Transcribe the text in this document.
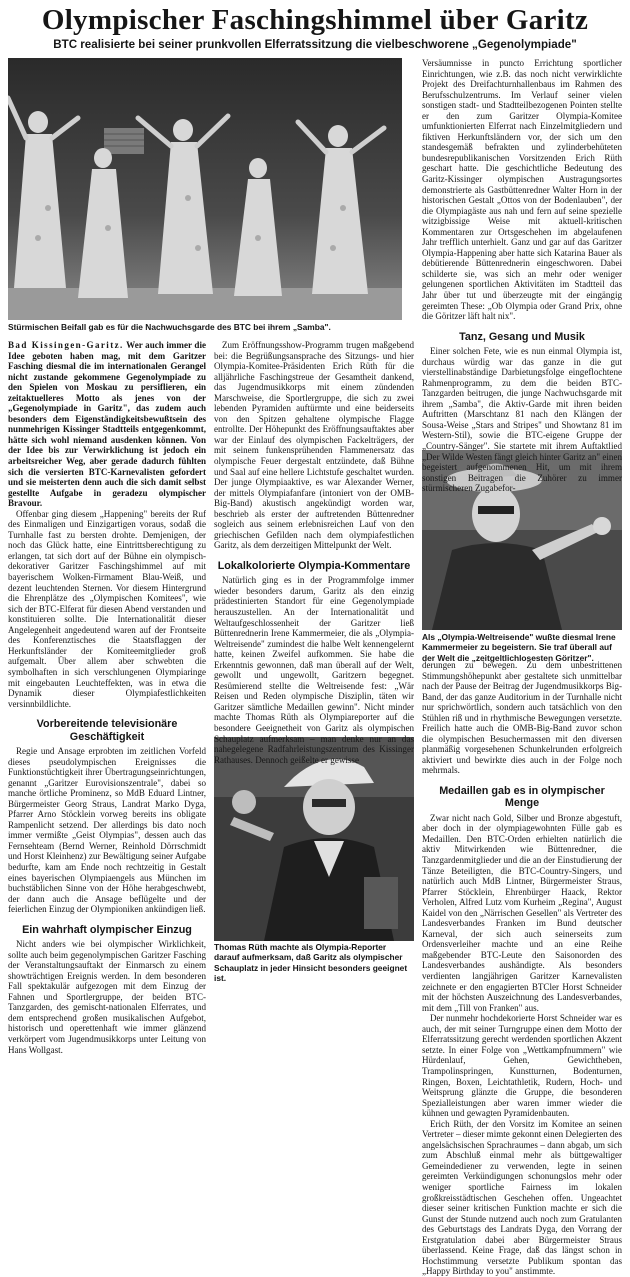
Olympischer Faschingshimmel über Garitz
BTC realisierte bei seiner prunkvollen Elferratssitzung die vielbeschworene „Gegenolympiade"

Stürmischen Beifall gab es für die Nachwuchsgarde des BTC bei ihrem „Samba".

Thomas Rüth machte als Olympia-Reporter darauf aufmerksam, daß Garitz als olympischer Schauplatz in jeder Hinsicht besonders geeignet ist.

Als „Olympia-Weltreisende" wußte diesmal Irene Kammermeier zu begeistern. Sie traf überall auf der Welt die „zeitgeltlichlosesten Göritzer".

Bad Kissingen-Garitz. Wer auch immer die Idee geboten haben mag, mit dem Garitzer Fasching diesmal die im internationalen Gerangel nicht zustande gekommene Gegenolympiade zu den Spielen von Moskau zu persiflieren, ein zeitaktuelleres Motto als jenes von der „Gegenolympiade in Garitz", das zudem auch besonders dem Eigenständigkeitsbewußtsein des nunmehrigen Kissinger Stadtteils entgegenkommt, hätte sich wohl niemand ausdenken können. Von der Idee bis zur Verwirklichung ist jedoch ein arbeitsreicher Weg, aber gerade dadurch fühlten sich die versierten BTC-Karnevalisten gefordert und sie meisterten denn auch die sich damit selbst gestellte Aufgabe in geradezu olympischer Bravour.

Offenbar ging diesem „Happening" bereits der Ruf des Einmaligen und Einzigartigen voraus, sodaß die Turnhalle fast zu bersten drohte. Demjenigen, der noch das Glück hatte, eine Eintrittsberechtigung zu erlangen, tat sich dort auf der Bühne ein olympisch-dekorativer Garitzer Faschingshimmel auf mit bayerischem Wolken-Firmament Blau-Weiß, und dezent leuchtenden Sternen. Vor diesem Hintergrund die Ehrenplätze des „Olympischen Komitees", wie sich der BTC-Elferat für diesen Abend verstanden und konstituieren sollte. Die Internationalität dieser Angelegenheit angedeutend waren auf der Frontseite des Konferenztisches die Staatsflaggen der Herkunftsländer der Komiteemitglieder groß aufgemalt. Über allem aber schwebten die symbolhaften in sich verschlungenen Olympiaringe mit eingebauten Leuchteffekten, was in etwa die Dynamik dieser Olympiafestlichkeiten versinnbildlichte.

Vorbereitende televisionäre Geschäftigkeit

Regie und Ansage erprobten im zeitlichen Vorfeld dieses pseudolympischen Ereignisses die Funktionstüchtigkeit ihrer Übertragungseinrichtungen, genannt „Garitzer Eurovisionszentrale", dabei so manche örtliche Prominenz, so MdB Eduard Lintner, Bürgermeister Georg Straus, Landrat Marko Dyga, Pfarrer Arno Stöcklein vorweg bereits ins obligate Rampenlicht setzend. Der allerdings bis dato noch immer vermißte „Geist Olympias", dessen auch das Fernsehteam (Bernd Werner, Reinhold Dörrschmidt und Horst Kleinhenz) zur Bewältigung seiner Aufgabe bedurfte, kam am Ende noch rechtzeitig in Gestalt eines bayerischen Olympiaengels aus München im buchstäblichen Sinne von der Höhe herabgeschwebt, der dann auch die Ansage beflügelte und der feierlichen Einzug der Olympioniken ankündigen ließ.

Ein wahrhaft olympischer Einzug

Nicht anders wie bei olympischer Wirklichkeit, sollte auch beim gegenolympischen Garitzer Fasching der Veranstaltungsauftakt der Einmarsch zu einem showträchtigen Ereignis werden. In dem besonderen Fall spektakulär aufgezogen mit dem Einzug der Fahnen und Sportlergruppe, der beiden BTC-Tanzgarden, des gemischt-nationalen Elferrates, und dem entsprechend großen musikalischen Aufgebot, historisch und operettenhaft wie immer glänzend verkörpert vom Jugendmusikkorps unter Leitung von Hans Wollgast.

Zum Eröffnungsshow-Programm trugen maßgebend bei: die Begrüßungsansprache des Sitzungs- und hier Olympia-Komitee-Präsidenten Erich Rüth für die alljährliche Faschingstreue der Gesamtheit dankend, das Jugendmusikkorps mit einem zündenden Marschweise, die Sportlergruppe, die sich zu zwei lebenden Pyramiden auftürmte und eine beiderseits von den Spitzen gehaltene olympische Flagge entrollte. Der Höhepunkt des Eröffnungsauftaktes aber war der Einlauf des olympischen Fackelträgers, der mit seinem funkensprühenden Flammenersatz das olympische Feuer dergestalt entzündete, daß Bühne und Saal auf eine hellere Lichtstufe geschaltet wurden. Der junge Olympiaaktive, es war Alexander Werner, der mittels Olympiafanfare (intoniert von der OMB-Big-Band) akustisch angekündigt worden war, beschrieb als erster der auftretenden Büttenredner sogleich aus seinem erlebnisreichen Lauf von den griechischen Gefilden nach dem olympiafestlichen Garitz, als dem derzeitigen Mittelpunkt der Welt.

Lokalkolorierte Olympia-Kommentare

Natürlich ging es in der Programmfolge immer wieder besonders darum, Garitz als den einzig prädestinierten Standort für eine Gegenolympiade herauszustellen. An der Internationalität und Weltaufgeschlossenheit der Garitzer ließ Büttenrednerin Irene Kammermeier, die als „Olympia-Weltreisende" zumindest die halbe Welt kennengelernt hatte, keinen Zweifel aufkommen. Sie habe die Erkenntnis gewonnen, daß man überall auf der Welt, gewollt und ungewollt, Garitzern begegnet. Resümierend stellte die Weltreisende fest: „Wär Reisen und Reden olympische Disziplin, täten wir Garitzer sämtliche Medaillen gewinn". Nicht minder machte Thomas Rüth als Olympiareporter auf die besondere Geeignetheit von Garitz als olympischen Schauplatz aufmerksam – man denke nur an das nahegelegene Radfahrleistungszentrum des Kissinger Rathauses. Dennoch geißelte er gewisse

Versäumnisse in puncto Errichtung sportlicher Einrichtungen, wie z.B. das noch nicht verwirklichte Projekt des Dreifachturnhallenbaus im Rahmen des Berufsschulzentrums. Im Verlauf seiner vielen sonstigen stadt- und Stadtteilbezogenen Pointen stellte er den zum Garitzer Olympia-Komitee umfunktionierten Elferrat nach Einzelmitgliedern und fiktiven Herkunftsländern vor, der sich um den standesgemäß befrakten und zylinderbehüteten bundesrepublikanischen Vorsitzenden Erich Rüth geschart hatte. Die geschichtliche Bedeutung des Garitz-Kissinger olympischen Austragungsortes demonstrierte als Gastbüttenredner Walter Horn in der historischen Gestalt „Ottos von der Bodenlauben", der die Olympiagäste aus nah und fern auf seine spezielle witzigbissige Weise mit aktuell-kritischen Kommentaren zur Ortsgeschehen im abgelaufenen Jahr trefflich unterhielt. Ganz und gar auf das Garitzer Olympia-Happening aber hatte sich Katarina Bauer als debütierende Büttenrednerin eingeschworen. Dabei schilderte sie, was sich an mehr oder weniger gelungenen sportlichen Aktivitäten im Stadtteil das Jahr über tut und überzeugte mit der eingängig gereimten These: „Ob Olympia oder Grand Prix, ohne die Göritzer läft halt nix".

Tanz, Gesang und Musik

Einer solchen Fete, wie es nun einmal Olympia ist, durchaus würdig war das ganze in die gut vierstellinabständige Darbietungsfolge eingeflochtene Rahmenprogramm, zu dem die beiden BTC-Tanzgarden beitrugen, die junge Nachwuchsgarde mit ihrem „Samba", die Aktiv-Garde mit ihren beiden Auftritten (Marschtanz 81 nach den Klängen der Sousa-Weise „Stars and Stripes" und Showtanz 81 im Western-Stil), sowie die BTC-eigene Gruppe der „Country-Sänger". Sie startete mit ihrem Auftaktlied „Der Wilde Westen fängt gleich hinter Garitz an" einen begeistert aufgenommenen Hit, um mit ihrem sonstigen Beitragen die Zuhörer zu immer stürmischeren Zugabefor-

derungen zu bewegen. Zu dem unbestrittenen Stimmungshöhepunkt aber gestaltete sich unmittelbar nach der Pause der Beitrag der Jugendmusikkorps Big-Band, der das ganze Auditorium in der Turnhalle nicht nur sprichwörtlich, sondern auch tatsächlich von den Stühlen riß und in rhythmische Bewegungen versetzte. Freilich hatte auch die OMB-Big-Band zuvor schon die olympischen Besuchermassen mit den diversen planmäßig vorgesehenen Schunkelrunden erfolgreich aktiviert und bewirkte dies auch in der Folge noch mehrmals.

Medaillen gab es in olympischer Menge

Zwar nicht nach Gold, Silber und Bronze abgestuft, aber doch in der olympiagewohnten Fülle gab es Medaillen. Den BTC-Orden erhielten natürlich die aktiv Mitwirkenden wie Büttenredner, die Tanzgardenmitglieder und die an der Einstudierung der Tänze Beteiligten, die BTC-Country-Singers, und natürlich auch MdB Lintner, Bürgermeister Straus, Pfarrer Stöcklein, Ehrenbürger Haack, Rektor Verholen, Alfred Lutz vom Kurheim „Regina", August Kaidel von den „Närrischen Gesellen" als Vertreter des Landesverbandes Franken im Bund deutscher Karneval, der sich auch seinerseits zum Ordensverleiher machte und an eine Reihe maßgebender BTC-Leute den Saisonorden des Landesverbandes aushändigte. Als besonders verdienten langjährigen Garitzer Karnevalisten zeichnete er den engagierten BTCler Horst Schneider mit der höchsten Auszeichnung des Landesverbandes, mit dem „Till von Franken" aus.

Der nunmehr hochdekorierte Horst Schneider war es auch, der mit seiner Turngruppe einen dem Motto der Elferratssitzung gerecht werdenden sportlichen Akzent setzte. In einer Folge von „Wettkampfnummern" wie Hürdenlauf, Gehen, Gewichtheben, Trampolinspringen, Kunstturnen, Bodenturnen, Ringen, Boxen, Leichtathletik, Rudern, Hoch- und Weitsprung glänzte die Gruppe, die besonderen Spezialleistungen aber waren immer wieder die kühnen und gewagten Pyramidenbauten.

Erich Rüth, der den Vorsitz im Komitee an seinen Vertreter – dieser mimte gekonnt einen Delegierten des angelsächsischen Sprachraumes – dann abgab, um sich zum Abschluß einmal mehr als büttgewaltiger Gemeindediener zu verwenden, legte in seinen gereimten Verkündigungen schonungslos mehr oder weniger sportliche Fairness im lokalen großkreisstädtischen Geschehen offen. Ungeachtet dieser seiner kritischen Funktion machte er sich die Gunst der Stunde nutzend auch noch zum Gratulanten des Geburtstags des Landrats Dyga, den Vorrang der Erstgratulation dabei aber Bürgermeister Straus überlassend. Keine Frage, daß das längst schon in Hochstimmung versetzte Publikum spontan das „Happy Birthday to you" anstimmte.
